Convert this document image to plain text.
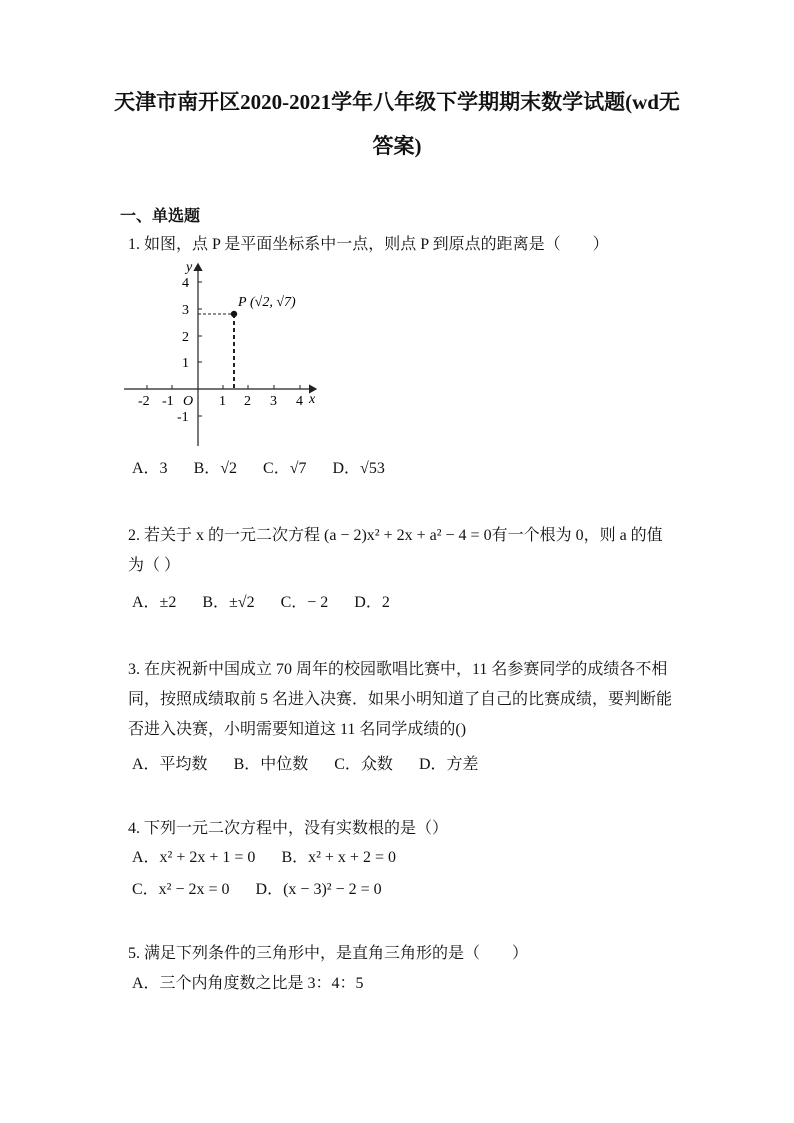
天津市南开区2020-2021学年八年级下学期期末数学试题(wd无答案)
一、单选题
1. 如图，点 P 是平面坐标系中一点，则点 P 到原点的距离是（　　）
-2 -1 O 1 2 3 4 x
y
4
3
2
1
-1
P (√2, √7)
A．3 B．√2 C．√7 D．√53
2. 若关于 x 的一元二次方程 (a − 2)x² + 2x + a² − 4 = 0有一个根为 0，则 a 的值为（ ）
A．±2 B．±√2 C．− 2 D．2
3. 在庆祝新中国成立 70 周年的校园歌唱比赛中，11 名参赛同学的成绩各不相同，按照成绩取前 5 名进入决赛．如果小明知道了自己的比赛成绩，要判断能否进入决赛，小明需要知道这 11 名同学成绩的()
A．平均数 B．中位数 C．众数 D．方差
4. 下列一元二次方程中，没有实数根的是（）
A．x² + 2x + 1 = 0 B．x² + x + 2 = 0
C．x² − 2x = 0 D．(x − 3)² − 2 = 0
5. 满足下列条件的三角形中，是直角三角形的是（　　）
A．三个内角度数之比是 3：4：5
